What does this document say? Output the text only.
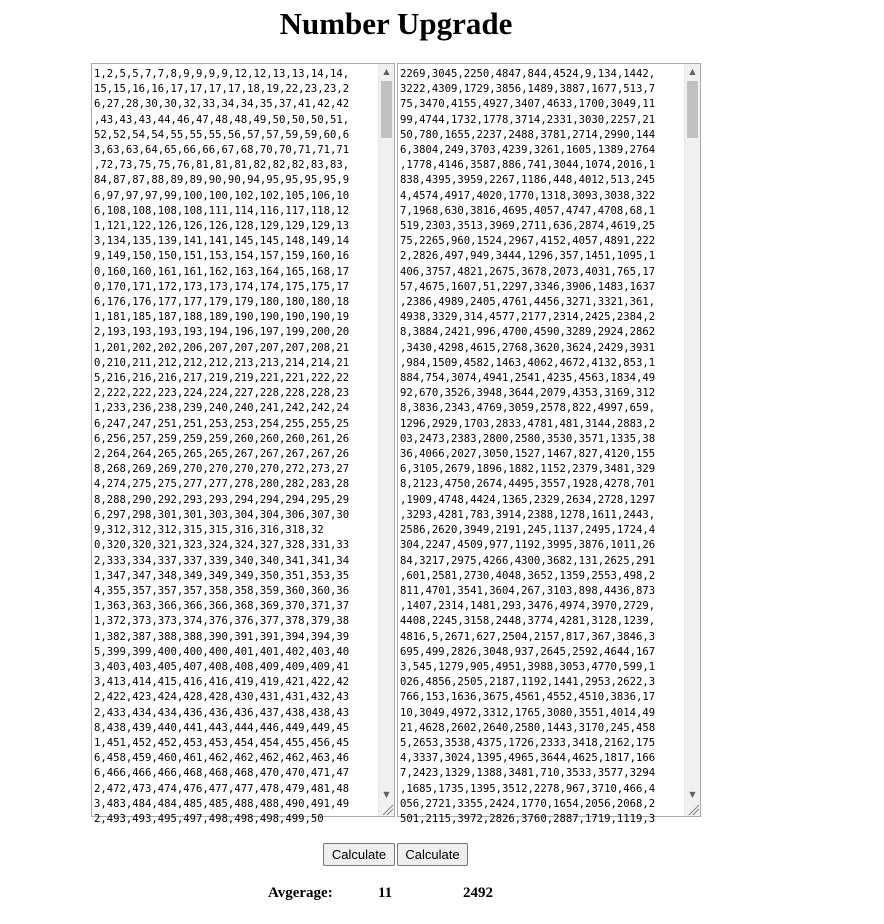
Number Upgrade
1,2,5,5,7,7,8,9,9,9,9,12,12,13,13,14,14,
15,15,16,16,17,17,17,17,18,19,22,23,23,2
6,27,28,30,30,32,33,34,34,35,37,41,42,42
,43,43,43,44,46,47,48,48,49,50,50,50,51,
52,52,54,54,55,55,55,56,57,57,59,59,60,6
3,63,63,64,65,66,66,67,68,70,70,71,71,71
,72,73,75,75,76,81,81,81,82,82,82,83,83,
84,87,87,88,89,89,90,90,94,95,95,95,95,9
6,97,97,97,99,100,100,102,102,105,106,10
6,108,108,108,108,111,114,116,117,118,12
1,121,122,126,126,126,128,129,129,129,13
3,134,135,139,141,141,145,145,148,149,14
9,149,150,150,151,153,154,157,159,160,16
0,160,160,161,161,162,163,164,165,168,17
0,170,171,172,173,173,174,174,175,175,17
6,176,176,177,177,179,179,180,180,180,18
1,181,185,187,188,189,190,190,190,190,19
2,193,193,193,193,194,196,197,199,200,20
1,201,202,202,206,207,207,207,207,208,21
0,210,211,212,212,212,213,213,214,214,21
5,216,216,216,217,219,219,221,221,222,22
2,222,222,223,224,224,227,228,228,228,23
1,233,236,238,239,240,240,241,242,242,24
6,247,247,251,251,253,253,254,255,255,25
6,256,257,259,259,259,260,260,260,261,26
2,264,264,265,265,265,267,267,267,267,26
8,268,269,269,270,270,270,270,272,273,27
4,274,275,275,277,277,278,280,282,283,28
8,288,290,292,293,293,294,294,294,295,29
6,297,298,301,301,303,304,304,306,307,30
9,312,312,312,315,315,316,316,318,32
0,320,320,321,323,324,324,327,328,331,33
2,333,334,337,337,339,340,340,341,341,34
1,347,347,348,349,349,349,350,351,353,35
4,355,357,357,357,358,358,359,360,360,36
1,363,363,366,366,366,368,369,370,371,37
1,372,373,373,374,376,376,377,378,379,38
1,382,387,388,388,390,391,391,394,394,39
5,399,399,400,400,400,401,401,402,403,40
3,403,403,405,407,408,408,409,409,409,41
3,413,414,415,416,416,419,419,421,422,42
2,422,423,424,428,428,430,431,431,432,43
2,433,434,434,436,436,436,437,438,438,43
8,438,439,440,441,443,444,446,449,449,45
1,451,452,452,453,453,454,454,455,456,45
6,458,459,460,461,462,462,462,462,463,46
6,466,466,466,468,468,468,470,470,471,47
2,472,473,474,476,477,477,478,479,481,48
3,483,484,484,485,485,488,488,490,491,49
2,493,493,495,497,498,498,498,499,50
▲
▼
2269,3045,2250,4847,844,4524,9,134,1442,
3222,4309,1729,3856,1489,3887,1677,513,7
75,3470,4155,4927,3407,4633,1700,3049,11
99,4744,1732,1778,3714,2331,3030,2257,21
50,780,1655,2237,2488,3781,2714,2990,144
6,3804,249,3703,4239,3261,1605,1389,2764
,1778,4146,3587,886,741,3044,1074,2016,1
838,4395,3959,2267,1186,448,4012,513,245
4,4574,4917,4020,1770,1318,3093,3038,322
7,1968,630,3816,4695,4057,4747,4708,68,1
519,2303,3513,3969,2711,636,2874,4619,25
75,2265,960,1524,2967,4152,4057,4891,222
2,2826,497,949,3444,1296,357,1451,1095,1
406,3757,4821,2675,3678,2073,4031,765,17
57,4675,1607,51,2297,3346,3906,1483,1637
,2386,4989,2405,4761,4456,3271,3321,361,
4938,3329,314,4577,2177,2314,2425,2384,2
8,3884,2421,996,4700,4590,3289,2924,2862
,3430,4298,4615,2768,3620,3624,2429,3931
,984,1509,4582,1463,4062,4672,4132,853,1
884,754,3074,4941,2541,4235,4563,1834,49
92,670,3526,3948,3644,2079,4353,3169,312
8,3836,2343,4769,3059,2578,822,4997,659,
1296,2929,1703,2833,4781,481,3144,2883,2
03,2473,2383,2800,2580,3530,3571,1335,38
36,4066,2027,3050,1527,1467,827,4120,155
6,3105,2679,1896,1882,1152,2379,3481,329
8,2123,4750,2674,4495,3557,1928,4278,701
,1909,4748,4424,1365,2329,2634,2728,1297
,3293,4281,783,3914,2388,1278,1611,2443,
2586,2620,3949,2191,245,1137,2495,1724,4
304,2247,4509,977,1192,3995,3876,1011,26
84,3217,2975,4266,4300,3682,131,2625,291
,601,2581,2730,4048,3652,1359,2553,498,2
811,4701,3541,3604,267,3103,898,4436,873
,1407,2314,1481,293,3476,4974,3970,2729,
4408,2245,3158,2448,3774,4281,3128,1239,
4816,5,2671,627,2504,2157,817,367,3846,3
695,499,2826,3048,937,2645,2592,4644,167
3,545,1279,905,4951,3988,3053,4770,599,1
026,4856,2505,2187,1192,1441,2953,2622,3
766,153,1636,3675,4561,4552,4510,3836,17
10,3049,4972,3312,1765,3080,3551,4014,49
21,4628,2602,2640,2580,1443,3170,245,458
5,2653,3538,4375,1726,2333,3418,2162,175
4,3337,3024,1395,4965,3644,4625,1817,166
7,2423,1329,1388,3481,710,3533,3577,3294
,1685,1735,1395,3512,2278,967,3710,466,4
056,2721,3355,2424,1770,1654,2056,2068,2
501,2115,3972,2826,3760,2887,1719,1119,3
▲
▼
Calculate	Calculate
Avgerage:	11	2492
